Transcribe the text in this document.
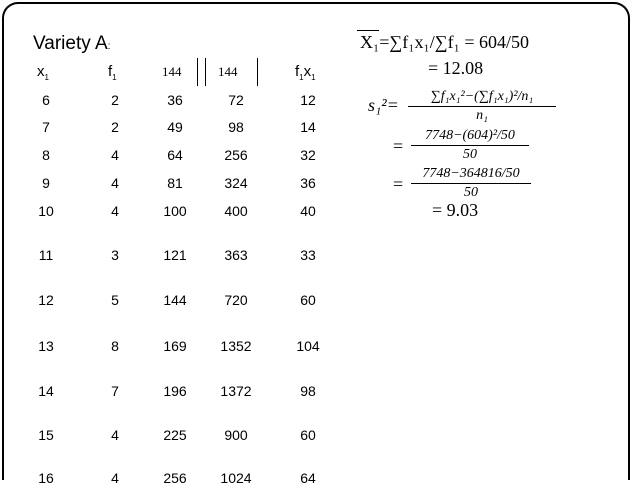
Variety A:
$x_1$	$f_1$	144	144	$f_1x_1$
6	2	36	72	12
7	2	49	98	14
8	4	64	256	32
9	4	81	324	36
10	4	100	400	40
11	3	121	363	33
12	5	144	720	60
13	8	169	1352	104
14	7	196	1372	98
15	4	225	900	60
16	4	256	1024	64
X₁=∑f₁x₁/∑f₁ = 604/50
= 12.08
s₁²=	∑f₁x₁²−(∑f₁x₁)²/n₁
n₁
=
7748−(604)²/50
50
=
7748−364816/50
50
= 9.03
